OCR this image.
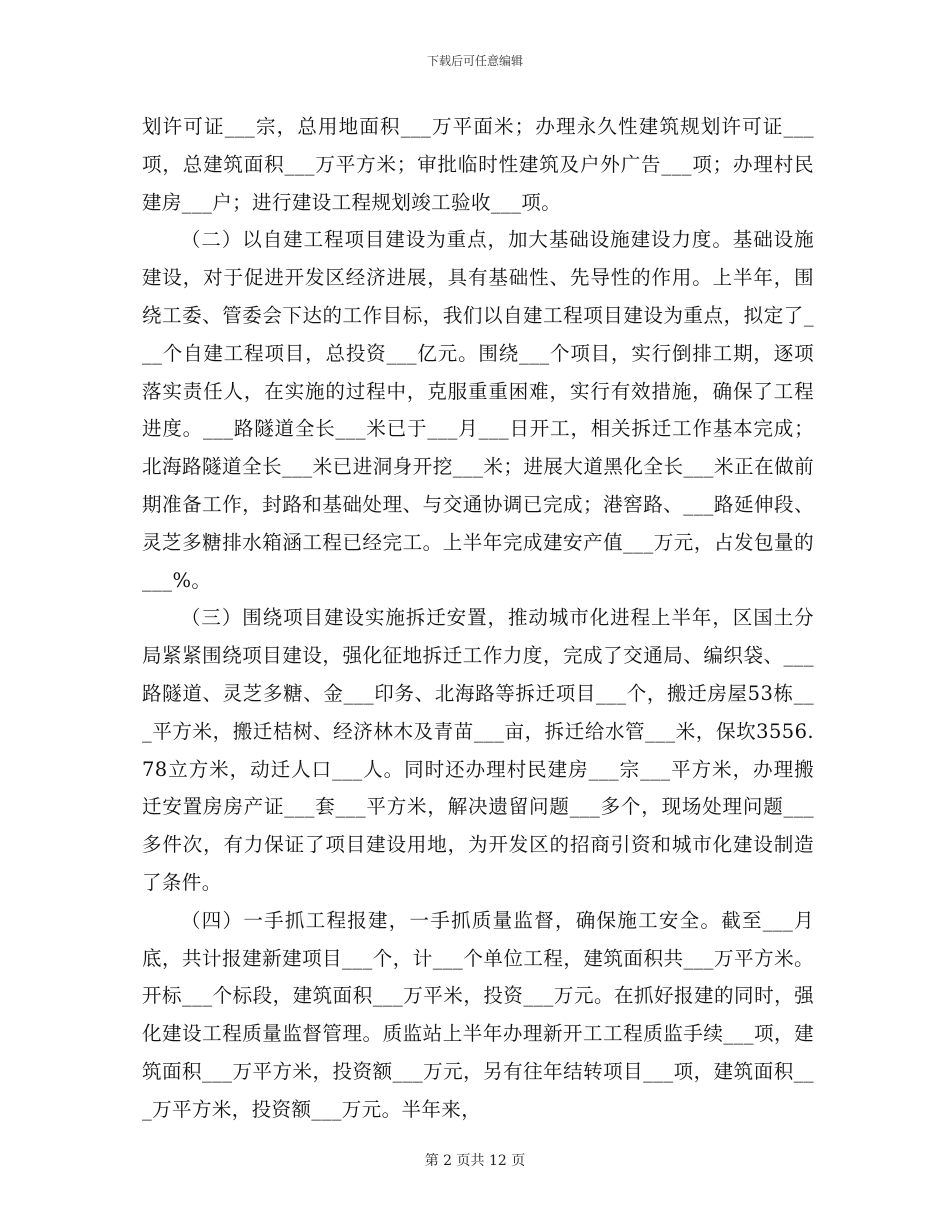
下载后可任意编辑

划许可证___宗，总用地面积___万平面米；办理永久性建筑规划许可证___项，总建筑面积___万平方米；审批临时性建筑及户外广告___项；办理村民建房___户；进行建设工程规划竣工验收___项。

（二）以自建工程项目建设为重点，加大基础设施建设力度。基础设施建设，对于促进开发区经济进展，具有基础性、先导性的作用。上半年，围绕工委、管委会下达的工作目标，我们以自建工程项目建设为重点，拟定了___个自建工程项目，总投资___亿元。围绕___个项目，实行倒排工期，逐项落实责任人，在实施的过程中，克服重重困难，实行有效措施，确保了工程进度。___路隧道全长___米已于___月___日开工，相关拆迁工作基本完成；北海路隧道全长___米已进洞身开挖___米；进展大道黑化全长___米正在做前期准备工作，封路和基础处理、与交通协调已完成；港窖路、___路延伸段、灵芝多糖排水箱涵工程已经完工。上半年完成建安产值___万元，占发包量的___%。

（三）围绕项目建设实施拆迁安置，推动城市化进程上半年，区国土分局紧紧围绕项目建设，强化征地拆迁工作力度，完成了交通局、编织袋、___路隧道、灵芝多糖、金___印务、北海路等拆迁项目___个，搬迁房屋53栋___平方米，搬迁桔树、经济林木及青苗___亩，拆迁给水管___米，保坎3556.78立方米，动迁人口___人。同时还办理村民建房___宗___平方米，办理搬迁安置房房产证___套___平方米，解决遗留问题___多个，现场处理问题___多件次，有力保证了项目建设用地，为开发区的招商引资和城市化建设制造了条件。

（四）一手抓工程报建，一手抓质量监督，确保施工安全。截至___月底，共计报建新建项目___个，计___个单位工程，建筑面积共___万平方米。开标___个标段，建筑面积___万平米，投资___万元。在抓好报建的同时，强化建设工程质量监督管理。质监站上半年办理新开工工程质监手续___项，建筑面积___万平方米，投资额___万元，另有往年结转项目___项，建筑面积___万平方米，投资额___万元。半年来，

第 2 页共 12 页
